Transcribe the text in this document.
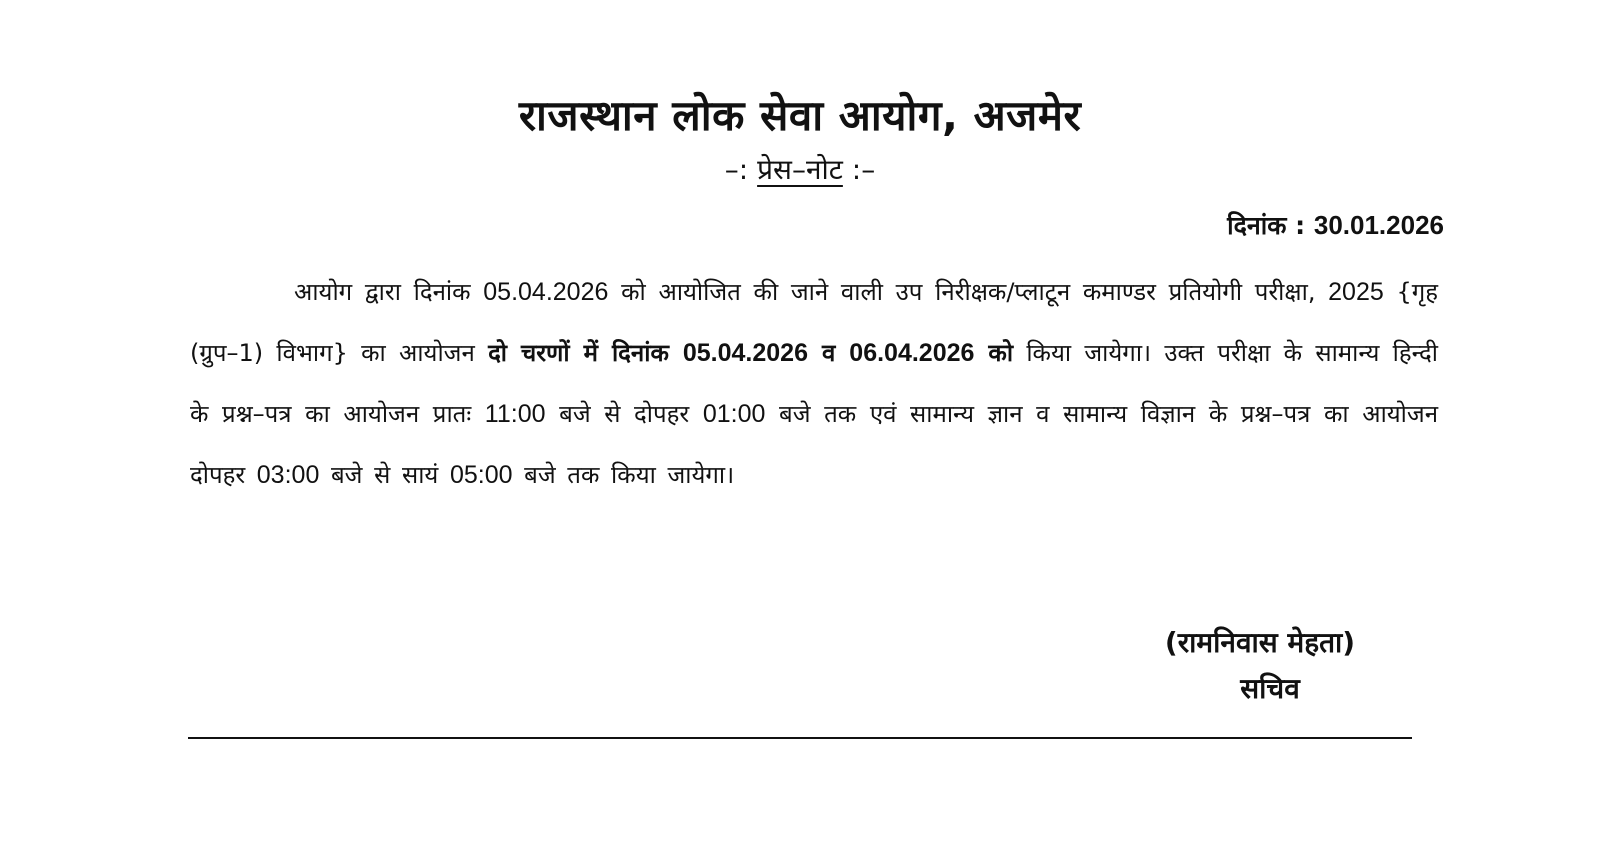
राजस्थान लोक सेवा आयोग, अजमेर
–: प्रेस–नोट :–
दिनांक : 30.01.2026

आयोग द्वारा दिनांक 05.04.2026 को आयोजित की जाने वाली उप निरीक्षक/प्लाटून कमाण्डर प्रतियोगी परीक्षा, 2025 {गृह (ग्रुप–1) विभाग} का आयोजन दो चरणों में दिनांक 05.04.2026 व 06.04.2026 को किया जायेगा। उक्त परीक्षा के सामान्य हिन्दी के प्रश्न–पत्र का आयोजन प्रातः 11:00 बजे से दोपहर 01:00 बजे तक एवं सामान्य ज्ञान व सामान्य विज्ञान के प्रश्न–पत्र का आयोजन दोपहर 03:00 बजे से सायं 05:00 बजे तक किया जायेगा।

(रामनिवास मेहता)
सचिव
